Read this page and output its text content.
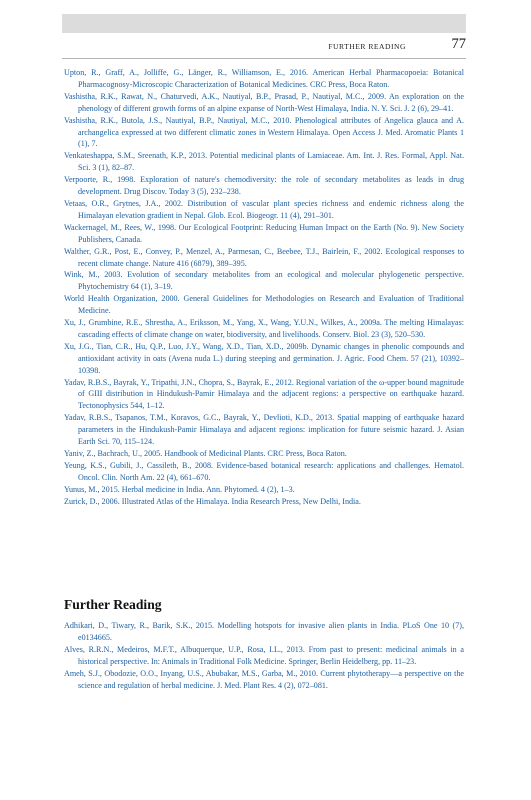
FURTHER READING	77
Upton, R., Graff, A., Jolliffe, G., Länger, R., Williamson, E., 2016. American Herbal Pharmacopoeia: Botanical Pharmacognosy-Microscopic Characterization of Botanical Medicines. CRC Press, Boca Raton.
Vashistha, R.K., Rawat, N., Chaturvedi, A.K., Nautiyal, B.P., Prasad, P., Nautiyal, M.C., 2009. An exploration on the phenology of different growth forms of an alpine expanse of North-West Himalaya, India. N. Y. Sci. J. 2 (6), 29–41.
Vashistha, R.K., Butola, J.S., Nautiyal, B.P., Nautiyal, M.C., 2010. Phenological attributes of Angelica glauca and A. archangelica expressed at two different climatic zones in Western Himalaya. Open Access J. Med. Aromatic Plants 1 (1), 7.
Venkateshappa, S.M., Sreenath, K.P., 2013. Potential medicinal plants of Lamiaceae. Am. Int. J. Res. Formal, Appl. Nat. Sci. 3 (1), 82–87.
Verpoorte, R., 1998. Exploration of nature's chemodiversity: the role of secondary metabolites as leads in drug development. Drug Discov. Today 3 (5), 232–238.
Vetaas, O.R., Grytnes, J.A., 2002. Distribution of vascular plant species richness and endemic richness along the Himalayan elevation gradient in Nepal. Glob. Ecol. Biogeogr. 11 (4), 291–301.
Wackernagel, M., Rees, W., 1998. Our Ecological Footprint: Reducing Human Impact on the Earth (No. 9). New Society Publishers, Canada.
Walther, G.R., Post, E., Convey, P., Menzel, A., Parmesan, C., Beebee, T.J., Bairlein, F., 2002. Ecological responses to recent climate change. Nature 416 (6879), 389–395.
Wink, M., 2003. Evolution of secondary metabolites from an ecological and molecular phylogenetic perspective. Phytochemistry 64 (1), 3–19.
World Health Organization, 2000. General Guidelines for Methodologies on Research and Evaluation of Traditional Medicine.
Xu, J., Grumbine, R.E., Shrestha, A., Eriksson, M., Yang, X., Wang, Y.U.N., Wilkes, A., 2009a. The melting Himalayas: cascading effects of climate change on water, biodiversity, and livelihoods. Conserv. Biol. 23 (3), 520–530.
Xu, J.G., Tian, C.R., Hu, Q.P., Luo, J.Y., Wang, X.D., Tian, X.D., 2009b. Dynamic changes in phenolic compounds and antioxidant activity in oats (Avena nuda L.) during steeping and germination. J. Agric. Food Chem. 57 (21), 10392–10398.
Yadav, R.B.S., Bayrak, Y., Tripathi, J.N., Chopra, S., Bayrak, E., 2012. Regional variation of the ω-upper bound magnitude of GIII distribution in Hindukush-Pamir Himalaya and the adjacent regions: a perspective on earthquake hazard. Tectonophysics 544, 1–12.
Yadav, R.B.S., Tsapanos, T.M., Koravos, G.C., Bayrak, Y., Devlioti, K.D., 2013. Spatial mapping of earthquake hazard parameters in the Hindukush-Pamir Himalaya and adjacent regions: implication for future seismic hazard. J. Asian Earth Sci. 70, 115–124.
Yaniv, Z., Bachrach, U., 2005. Handbook of Medicinal Plants. CRC Press, Boca Raton.
Yeung, K.S., Gubili, J., Cassileth, B., 2008. Evidence-based botanical research: applications and challenges. Hematol. Oncol. Clin. North Am. 22 (4), 661–670.
Yunus, M., 2015. Herbal medicine in India. Ann. Phytomed. 4 (2), 1–3.
Zurick, D., 2006. Illustrated Atlas of the Himalaya. India Research Press, New Delhi, India.
Further Reading
Adhikari, D., Tiwary, R., Barik, S.K., 2015. Modelling hotspots for invasive alien plants in India. PLoS One 10 (7), e0134665.
Alves, R.R.N., Medeiros, M.F.T., Albuquerque, U.P., Rosa, I.L., 2013. From past to present: medicinal animals in a historical perspective. In: Animals in Traditional Folk Medicine. Springer, Berlin Heidelberg, pp. 11–23.
Ameh, S.J., Obodozie, O.O., Inyang, U.S., Abubakar, M.S., Garba, M., 2010. Current phytotherapy—a perspective on the science and regulation of herbal medicine. J. Med. Plant Res. 4 (2), 072–081.
